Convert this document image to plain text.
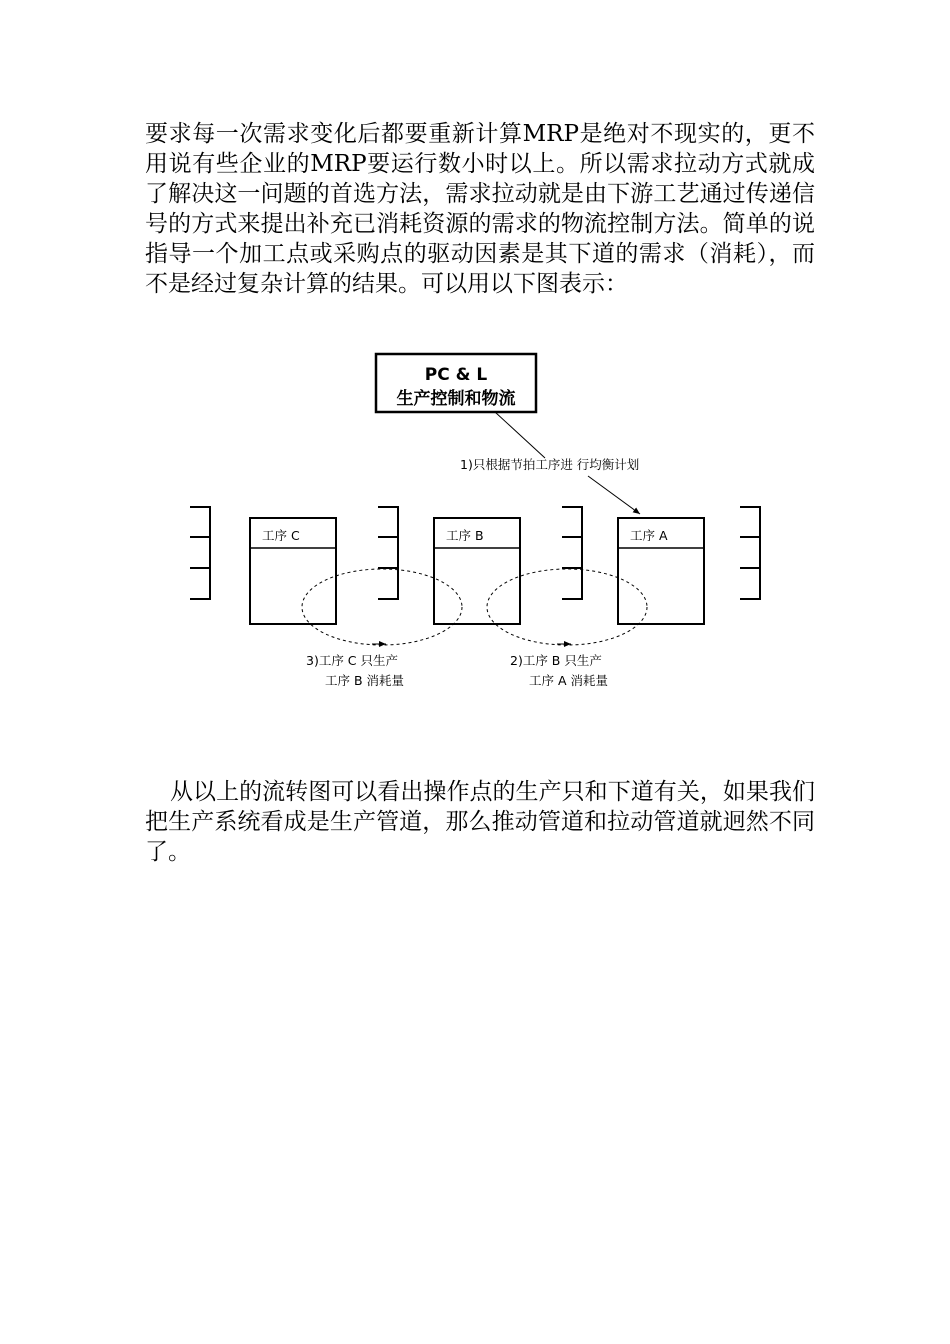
要求每一次需求变化后都要重新计算MRP是绝对不现实的，更不用说有些企业的MRP要运行数小时以上。所以需求拉动方式就成了解决这一问题的首选方法，需求拉动就是由下游工艺通过传递信号的方式来提出补充已消耗资源的需求的物流控制方法。简单的说指导一个加工点或采购点的驱动因素是其下道的需求（消耗），而不是经过复杂计算的结果。可以用以下图表示：

PC & L
生产控制和物流
1)只根据节拍工序进 行均衡计划
工序 C	工序 B	工序 A
3)工序 C 只生产
工序 B 消耗量
2)工序 B 只生产
工序 A 消耗量

从以上的流转图可以看出操作点的生产只和下道有关，如果我们把生产系统看成是生产管道，那么推动管道和拉动管道就迥然不同了。
